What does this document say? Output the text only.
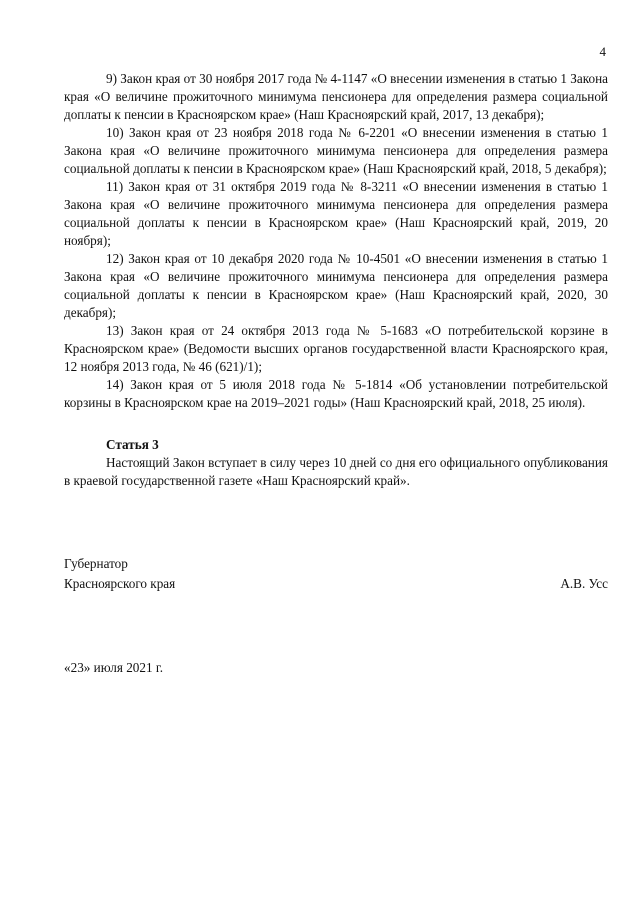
4

9) Закон края от 30 ноября 2017 года № 4-1147 «О внесении изменения в статью 1 Закона края «О величине прожиточного минимума пенсионера для определения размера социальной доплаты к пенсии в Красноярском крае» (Наш Красноярский край, 2017, 13 декабря);

10) Закон края от 23 ноября 2018 года № 6-2201 «О внесении изменения в статью 1 Закона края «О величине прожиточного минимума пенсионера для определения размера социальной доплаты к пенсии в Красноярском крае» (Наш Красноярский край, 2018, 5 декабря);

11) Закон края от 31 октября 2019 года № 8-3211 «О внесении изменения в статью 1 Закона края «О величине прожиточного минимума пенсионера для определения размера социальной доплаты к пенсии в Красноярском крае» (Наш Красноярский край, 2019, 20 ноября);

12) Закон края от 10 декабря 2020 года № 10-4501 «О внесении изменения в статью 1 Закона края «О величине прожиточного минимума пенсионера для определения размера социальной доплаты к пенсии в Красноярском крае» (Наш Красноярский край, 2020, 30 декабря);

13) Закон края от 24 октября 2013 года № 5-1683 «О потребительской корзине в Красноярском крае» (Ведомости высших органов государственной власти Красноярского края, 12 ноября 2013 года, № 46 (621)/1);

14) Закон края от 5 июля 2018 года № 5-1814 «Об установлении потребительской корзины в Красноярском крае на 2019–2021 годы» (Наш Красноярский край, 2018, 25 июля).

Статья 3

Настоящий Закон вступает в силу через 10 дней со дня его официального опубликования в краевой государственной газете «Наш Красноярский край».

Губернатор
Красноярского края	А.В. Усс
«23» июля 2021 г.
